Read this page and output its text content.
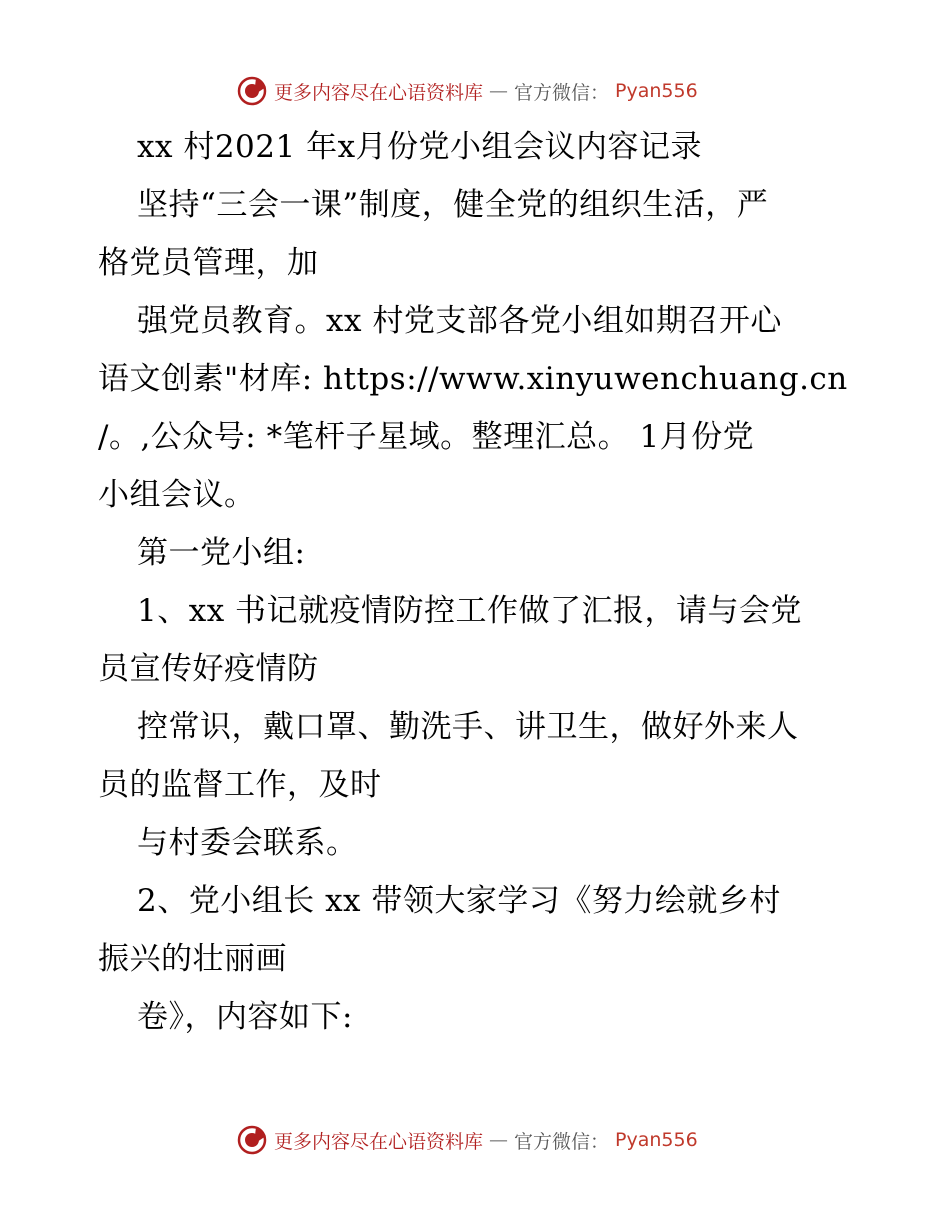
更多内容尽在心语资料库 — 官方微信： Pyan556
xx 村2021 年x月份党小组会议内容记录
坚持“三会一课”制度，健全党的组织生活，严
格党员管理，加
强党员教育。xx 村党支部各党小组如期召开心
语文创素"材库: https://www.xinyuwenchuang.cn
/。,公众号: *笔杆子星域。整理汇总。 1月份党
小组会议。
第一党小组:
1、xx 书记就疫情防控工作做了汇报，请与会党
员宣传好疫情防
控常识，戴口罩、勤洗手、讲卫生，做好外来人
员的监督工作，及时
与村委会联系。
2、党小组长 xx 带领大家学习《努力绘就乡村
振兴的壮丽画
卷》，内容如下:
更多内容尽在心语资料库 — 官方微信： Pyan556
